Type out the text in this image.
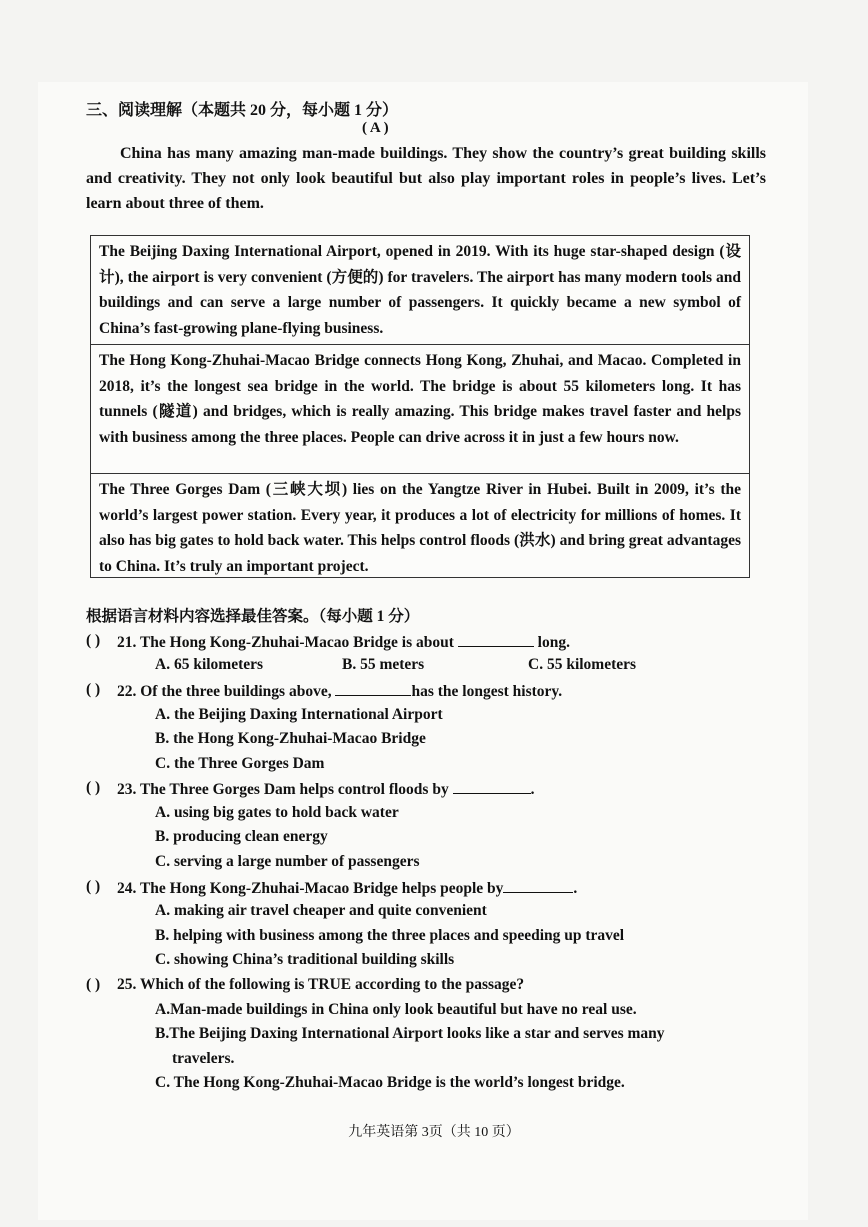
三、阅读理解（本题共 20 分，每小题 1 分）
( A )
China has many amazing man-made buildings. They show the country’s great building skills and creativity. They not only look beautiful but also play important roles in people’s lives. Let’s learn about three of them.
The Beijing Daxing International Airport, opened in 2019. With its huge star-shaped design (设计), the airport is very convenient (方便的) for travelers. The airport has many modern tools and buildings and can serve a large number of passengers. It quickly became a new symbol of China’s fast-growing plane-flying business.
The Hong Kong-Zhuhai-Macao Bridge connects Hong Kong, Zhuhai, and Macao. Completed in 2018, it’s the longest sea bridge in the world. The bridge is about 55 kilometers long. It has tunnels (隧道) and bridges, which is really amazing. This bridge makes travel faster and helps with business among the three places. People can drive across it in just a few hours now.
The Three Gorges Dam (三峡大坝) lies on the Yangtze River in Hubei. Built in 2009, it’s the world’s largest power station. Every year, it produces a lot of electricity for millions of homes. It also has big gates to hold back water. This helps control floods (洪水) and bring great advantages to China. It’s truly an important project.
根据语言材料内容选择最佳答案。（每小题 1 分）
( ) 21. The Hong Kong-Zhuhai-Macao Bridge is about	long.
A. 65 kilometers	B. 55 meters	C. 55 kilometers
( ) 22. Of the three buildings above,	has the longest history.
A. the Beijing Daxing International Airport
B. the Hong Kong-Zhuhai-Macao Bridge
C. the Three Gorges Dam
( ) 23. The Three Gorges Dam helps control floods by	.
A. using big gates to hold back water
B. producing clean energy
C. serving a large number of passengers
( ) 24. The Hong Kong-Zhuhai-Macao Bridge helps people by	.
A. making air travel cheaper and quite convenient
B. helping with business among the three places and speeding up travel
C. showing China’s traditional building skills
( ) 25. Which of the following is TRUE according to the passage?
A.Man-made buildings in China only look beautiful but have no real use.
B.The Beijing Daxing International Airport looks like a star and serves many
travelers.
C. The Hong Kong-Zhuhai-Macao Bridge is the world’s longest bridge.
九年英语第 3页（共 10 页）
